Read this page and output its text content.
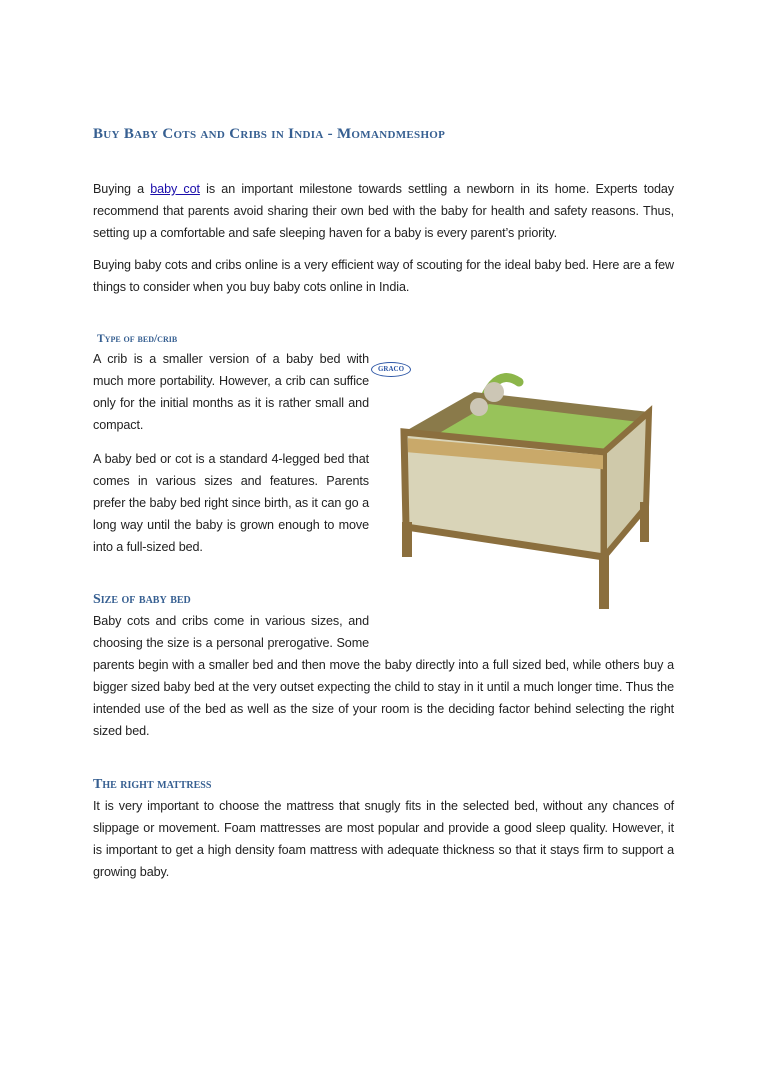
Buy Baby Cots and Cribs in India - Momandmeshop

Buying a baby cot is an important milestone towards settling a newborn in its home. Experts today recommend that parents avoid sharing their own bed with the baby for health and safety reasons. Thus, setting up a comfortable and safe sleeping haven for a baby is every parent’s priority.

Buying baby cots and cribs online is a very efficient way of scouting for the ideal baby bed. Here are a few things to consider when you buy baby cots online in India.

GRACO
Type of bed/crib

A crib is a smaller version of a baby bed with much more portability. However, a crib can suffice only for the initial months as it is rather small and compact.

A baby bed or cot is a standard 4-legged bed that comes in various sizes and features. Parents prefer the baby bed right since birth, as it can go a long way until the baby is grown enough to move into a full-sized bed.

Size of baby bed

Baby cots and cribs come in various sizes, and choosing the size is a personal prerogative. Some parents begin with a smaller bed and then move the baby directly into a full sized bed, while others buy a bigger sized baby bed at the very outset expecting the child to stay in it until a much longer time. Thus the intended use of the bed as well as the size of your room is the deciding factor behind selecting the right sized bed.

The right mattress

It is very important to choose the mattress that snugly fits in the selected bed, without any chances of slippage or movement. Foam mattresses are most popular and provide a good sleep quality. However, it is important to get a high density foam mattress with adequate thickness so that it stays firm to support a growing baby.
